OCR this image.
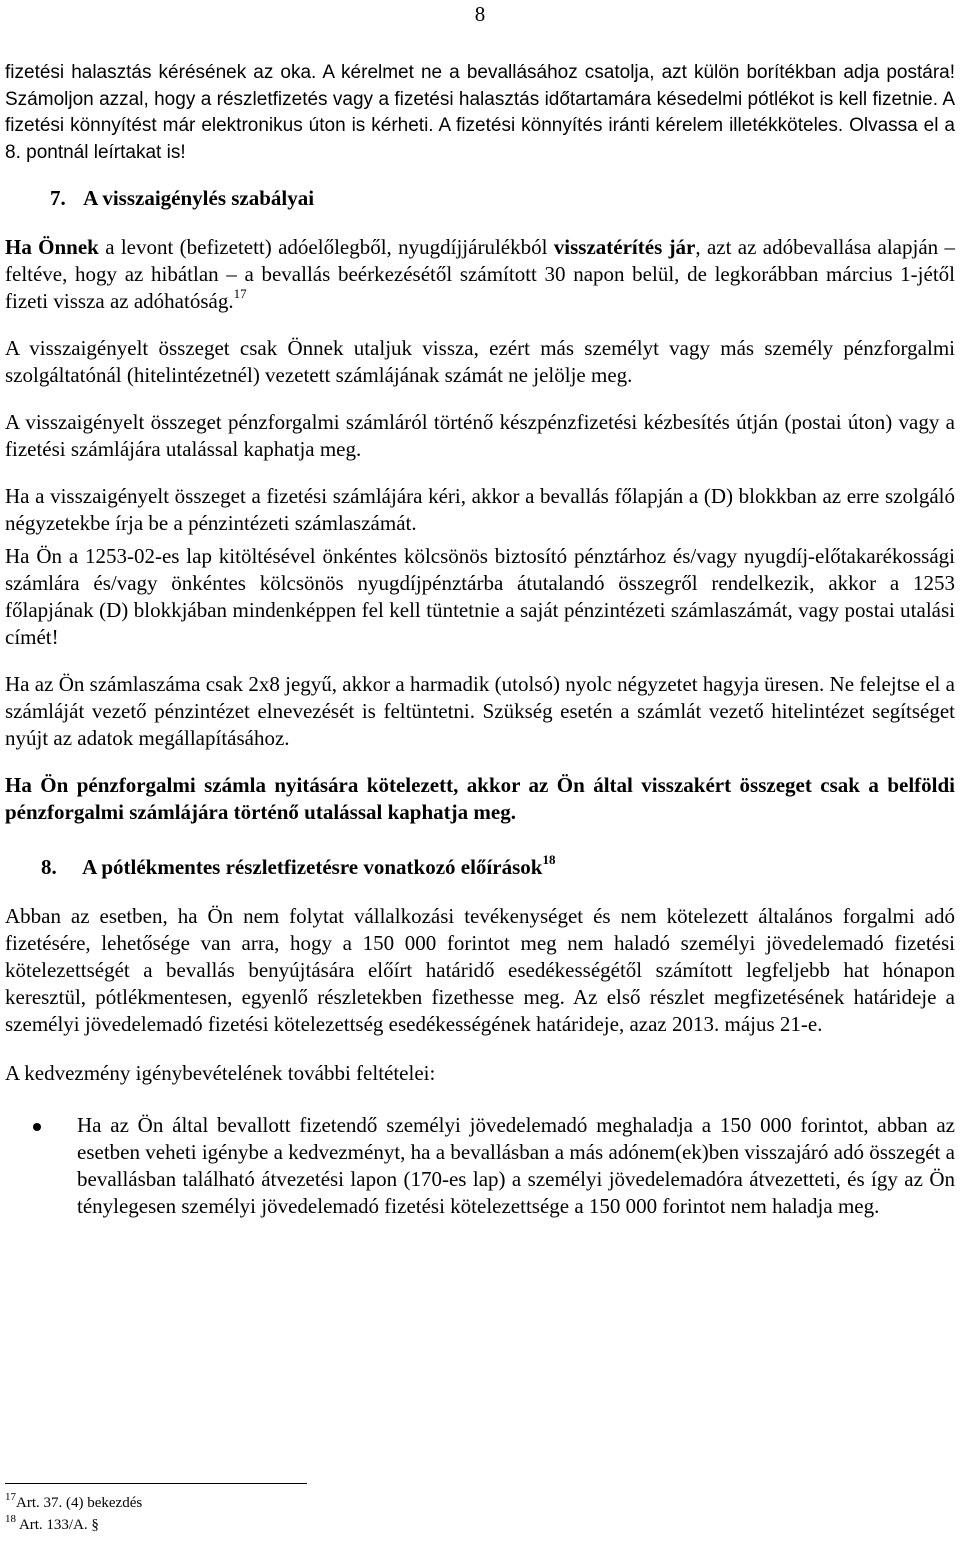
8

fizetési halasztás kérésének az oka. A kérelmet ne a bevallásához csatolja, azt külön borítékban adja postára! Számoljon azzal, hogy a részletfizetés vagy a fizetési halasztás időtartamára késedelmi pótlékot is kell fizetnie. A fizetési könnyítést már elektronikus úton is kérheti. A fizetési könnyítés iránti kérelem illetékköteles. Olvassa el a 8. pontnál leírtakat is!

7. A visszaigénylés szabályai

Ha Önnek a levont (befizetett) adóelőlegből, nyugdíjjárulékból visszatérítés jár, azt az adóbevallása alapján – feltéve, hogy az hibátlan – a bevallás beérkezésétől számított 30 napon belül, de legkorábban március 1-jétől fizeti vissza az adóhatóság.$^{17}$

A visszaigényelt összeget csak Önnek utaljuk vissza, ezért más személyt vagy más személy pénzforgalmi szolgáltatónál (hitelintézetnél) vezetett számlájának számát ne jelölje meg.

A visszaigényelt összeget pénzforgalmi számláról történő készpénzfizetési kézbesítés útján (postai úton) vagy a fizetési számlájára utalással kaphatja meg.

Ha a visszaigényelt összeget a fizetési számlájára kéri, akkor a bevallás főlapján a (D) blokkban az erre szolgáló négyzetekbe írja be a pénzintézeti számlaszámát.

Ha Ön a 1253-02-es lap kitöltésével önkéntes kölcsönös biztosító pénztárhoz és/vagy nyugdíj-előtakarékossági számlára és/vagy önkéntes kölcsönös nyugdíjpénztárba átutalandó összegről rendelkezik, akkor a 1253 főlapjának (D) blokkjában mindenképpen fel kell tüntetnie a saját pénzintézeti számlaszámát, vagy postai utalási címét!

Ha az Ön számlaszáma csak 2x8 jegyű, akkor a harmadik (utolsó) nyolc négyzetet hagyja üresen. Ne felejtse el a számláját vezető pénzintézet elnevezését is feltüntetni. Szükség esetén a számlát vezető hitelintézet segítséget nyújt az adatok megállapításához.

Ha Ön pénzforgalmi számla nyitására kötelezett, akkor az Ön által visszakért összeget csak a belföldi pénzforgalmi számlájára történő utalással kaphatja meg.

8. A pótlékmentes részletfizetésre vonatkozó előírások$^{18}$

Abban az esetben, ha Ön nem folytat vállalkozási tevékenységet és nem kötelezett általános forgalmi adó fizetésére, lehetősége van arra, hogy a 150 000 forintot meg nem haladó személyi jövedelemadó fizetési kötelezettségét a bevallás benyújtására előírt határidő esedékességétől számított legfeljebb hat hónapon keresztül, pótlékmentesen, egyenlő részletekben fizethesse meg. Az első részlet megfizetésének határideje a személyi jövedelemadó fizetési kötelezettség esedékességének határideje, azaz 2013. május 21-e.

A kedvezmény igénybevételének további feltételei:

Ha az Ön által bevallott fizetendő személyi jövedelemadó meghaladja a 150 000 forintot, abban az esetben veheti igénybe a kedvezményt, ha a bevallásban a más adónem(ek)ben visszajáró adó összegét a bevallásban található átvezetési lapon (170-es lap) a személyi jövedelemadóra átvezetteti, és így az Ön ténylegesen személyi jövedelemadó fizetési kötelezettsége a 150 000 forintot nem haladja meg.
$^{17}$Art. 37. (4) bekezdés
$^{18}$ Art. 133/A. §
